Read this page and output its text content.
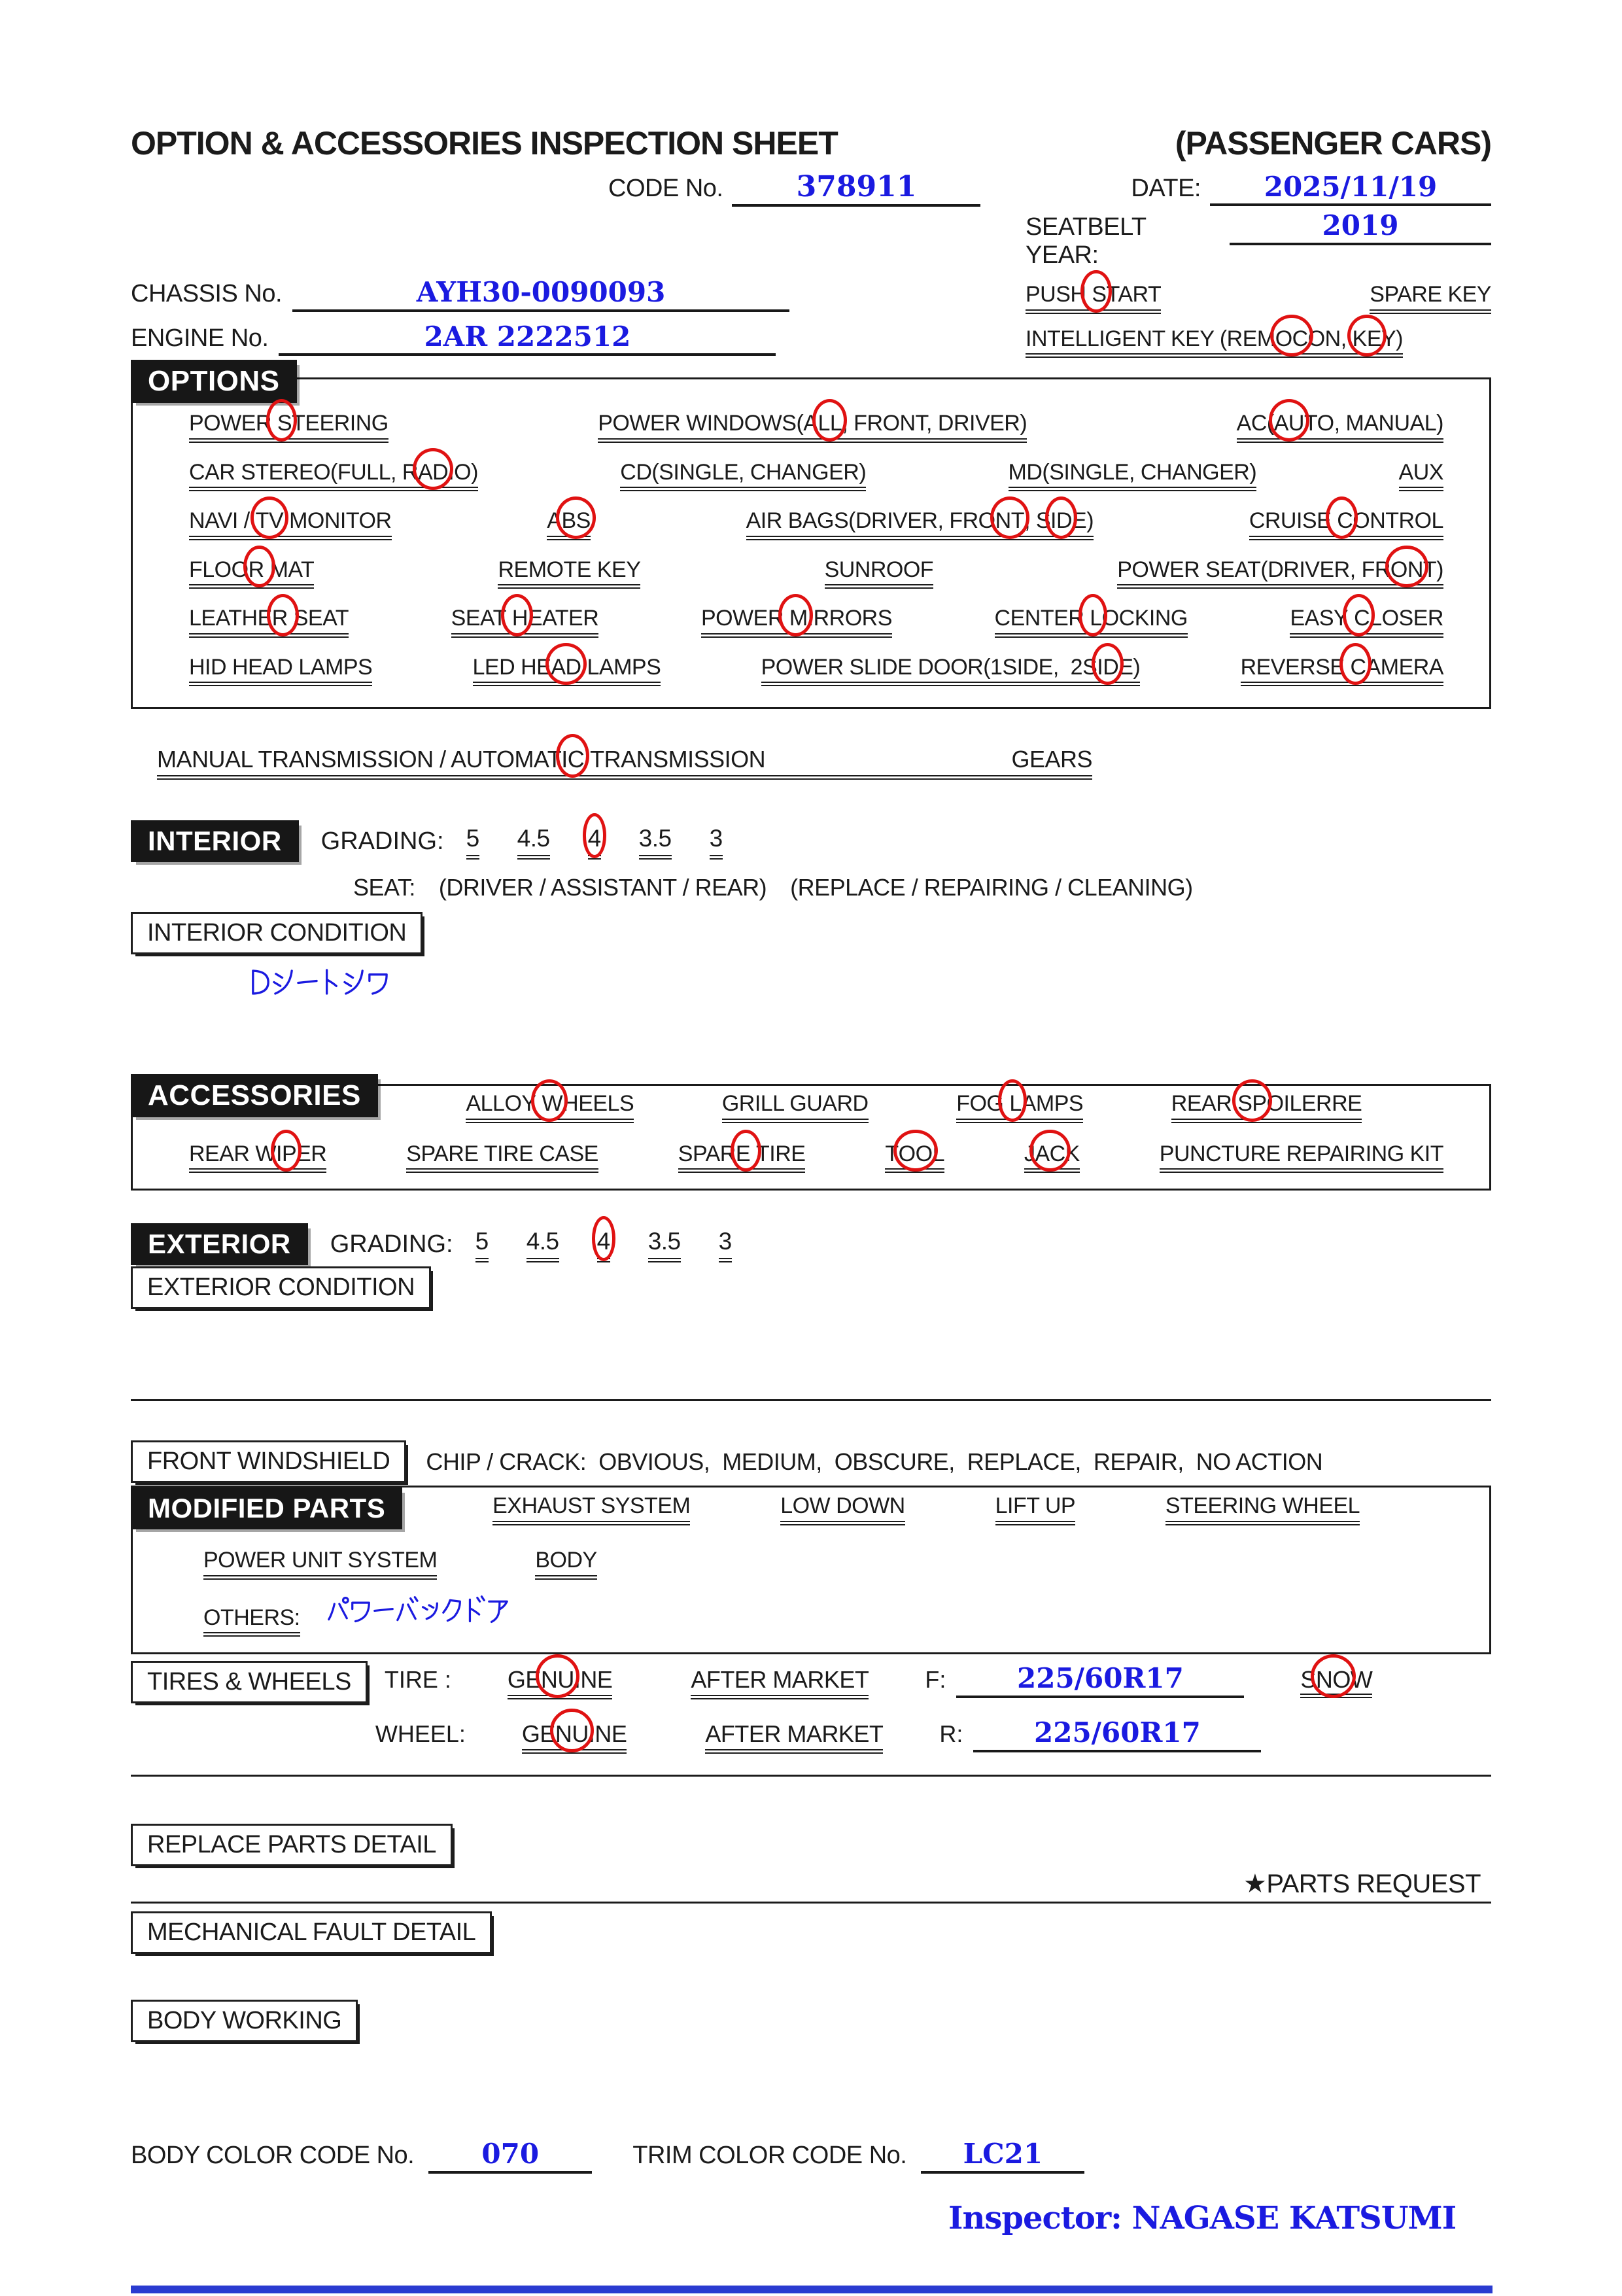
OPTION & ACCESSORIES INSPECTION SHEET	(PASSENGER CARS)
CODE No.	378911	DATE:	2025/11/19
SEATBELT YEAR:
2019
CHASSIS No.	AYH30-0090093	PUSH START	SPARE KEY
ENGINE No.	2AR 2222512	INTELLIGENT KEY (REMOCON, KEY)
OPTIONS
POWER STEERING	POWER WINDOWS(ALL, FRONT, DRIVER)	AC(AUTO, MANUAL)
CAR STEREO(FULL, RADIO)	CD(SINGLE, CHANGER)	MD(SINGLE, CHANGER)	AUX
NAVI / TV MONITOR	ABS	AIR BAGS(DRIVER, FRONT, SIDE)	CRUISE CONTROL
FLOOR MAT	REMOTE KEY	SUNROOF	POWER SEAT(DRIVER, FRONT)
LEATHER SEAT	SEAT HEATER	POWER MIRRORS	CENTER LOCKING	EASY CLOSER
HID HEAD LAMPS	LED HEAD LAMPS	POWER SLIDE DOOR(1SIDE,  2SIDE)	REVERSE CAMERA
MANUAL TRANSMISSION / AUTOMATIC TRANSMISSION	GEARS
INTERIOR	GRADING: 5 4.5 4 3.5 3
SEAT: (DRIVER / ASSISTANT / REAR) (REPLACE / REPAIRING / CLEANING)
INTERIOR CONDITION
ACCESSORIES	ALLOY WHEELS	GRILL GUARD	FOG LAMPS	REAR SPOILERRE
REAR WIPER	SPARE TIRE CASE	SPARE TIRE	TOOL	JACK	PUNCTURE REPAIRING KIT
EXTERIOR	GRADING: 5 4.5 4 3.5 3
EXTERIOR CONDITION
FRONT WINDSHIELD	CHIP / CRACK:  OBVIOUS,  MEDIUM,  OBSCURE,  REPLACE,  REPAIR,  NO ACTION
MODIFIED PARTS	EXHAUST SYSTEM	LOW DOWN	LIFT UP	STEERING WHEEL
POWER UNIT SYSTEM	BODY
OTHERS:
TIRES & WHEELS	TIRE : GENUINE	AFTER MARKET F:	225/60R17	SNOW
WHEEL: GENUINE	AFTER MARKET R:	225/60R17
REPLACE PARTS DETAIL
★PARTS REQUEST
MECHANICAL FAULT DETAIL
BODY WORKING
BODY COLOR CODE No.	070	TRIM COLOR CODE No.	LC21
Inspector: NAGASE KATSUMI
